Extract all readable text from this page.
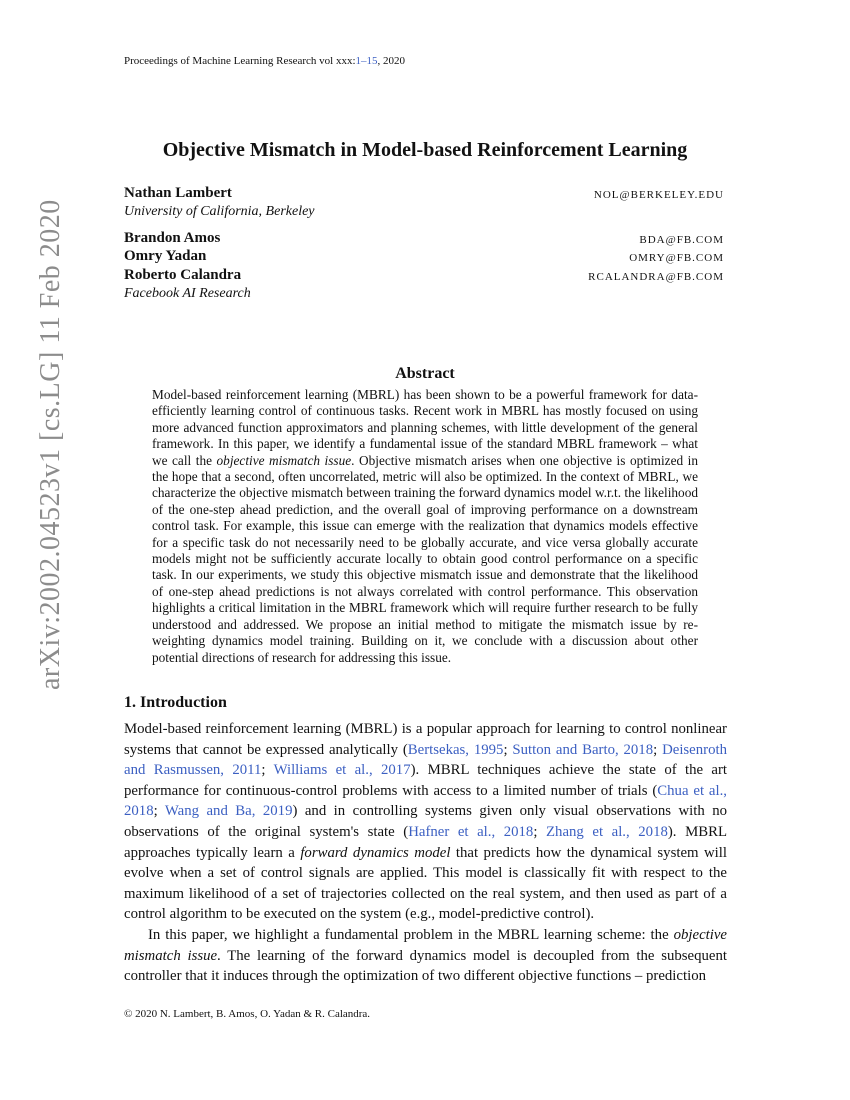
Proceedings of Machine Learning Research vol xxx:1–15, 2020
arXiv:2002.04523v1 [cs.LG] 11 Feb 2020
Objective Mismatch in Model-based Reinforcement Learning
Nathan Lambert	NOL@BERKELEY.EDU
University of California, Berkeley
Brandon Amos	BDA@FB.COM
Omry Yadan	OMRY@FB.COM
Roberto Calandra	RCALANDRA@FB.COM
Facebook AI Research
Abstract
Model-based reinforcement learning (MBRL) has been shown to be a powerful framework for data-efficiently learning control of continuous tasks. Recent work in MBRL has mostly focused on using more advanced function approximators and planning schemes, with little development of the general framework. In this paper, we identify a fundamental issue of the standard MBRL framework – what we call the objective mismatch issue. Objective mismatch arises when one objective is optimized in the hope that a second, often uncorrelated, metric will also be optimized. In the context of MBRL, we characterize the objective mismatch between training the forward dynamics model w.r.t. the likelihood of the one-step ahead prediction, and the overall goal of improving performance on a downstream control task. For example, this issue can emerge with the realization that dynamics models effective for a specific task do not necessarily need to be globally accurate, and vice versa globally accurate models might not be sufficiently accurate locally to obtain good control performance on a specific task. In our experiments, we study this objective mismatch issue and demonstrate that the likelihood of one-step ahead predictions is not always correlated with control performance. This observation highlights a critical limitation in the MBRL framework which will require further research to be fully understood and addressed. We propose an initial method to mitigate the mismatch issue by re-weighting dynamics model training. Building on it, we conclude with a discussion about other potential directions of research for addressing this issue.
1. Introduction

Model-based reinforcement learning (MBRL) is a popular approach for learning to control nonlinear systems that cannot be expressed analytically (Bertsekas, 1995; Sutton and Barto, 2018; Deisenroth and Rasmussen, 2011; Williams et al., 2017). MBRL techniques achieve the state of the art performance for continuous-control problems with access to a limited number of trials (Chua et al., 2018; Wang and Ba, 2019) and in controlling systems given only visual observations with no observations of the original system's state (Hafner et al., 2018; Zhang et al., 2018). MBRL approaches typically learn a forward dynamics model that predicts how the dynamical system will evolve when a set of control signals are applied. This model is classically fit with respect to the maximum likelihood of a set of trajectories collected on the real system, and then used as part of a control algorithm to be executed on the system (e.g., model-predictive control).

In this paper, we highlight a fundamental problem in the MBRL learning scheme: the objective mismatch issue. The learning of the forward dynamics model is decoupled from the subsequent controller that it induces through the optimization of two different objective functions – prediction

© 2020 N. Lambert, B. Amos, O. Yadan & R. Calandra.
